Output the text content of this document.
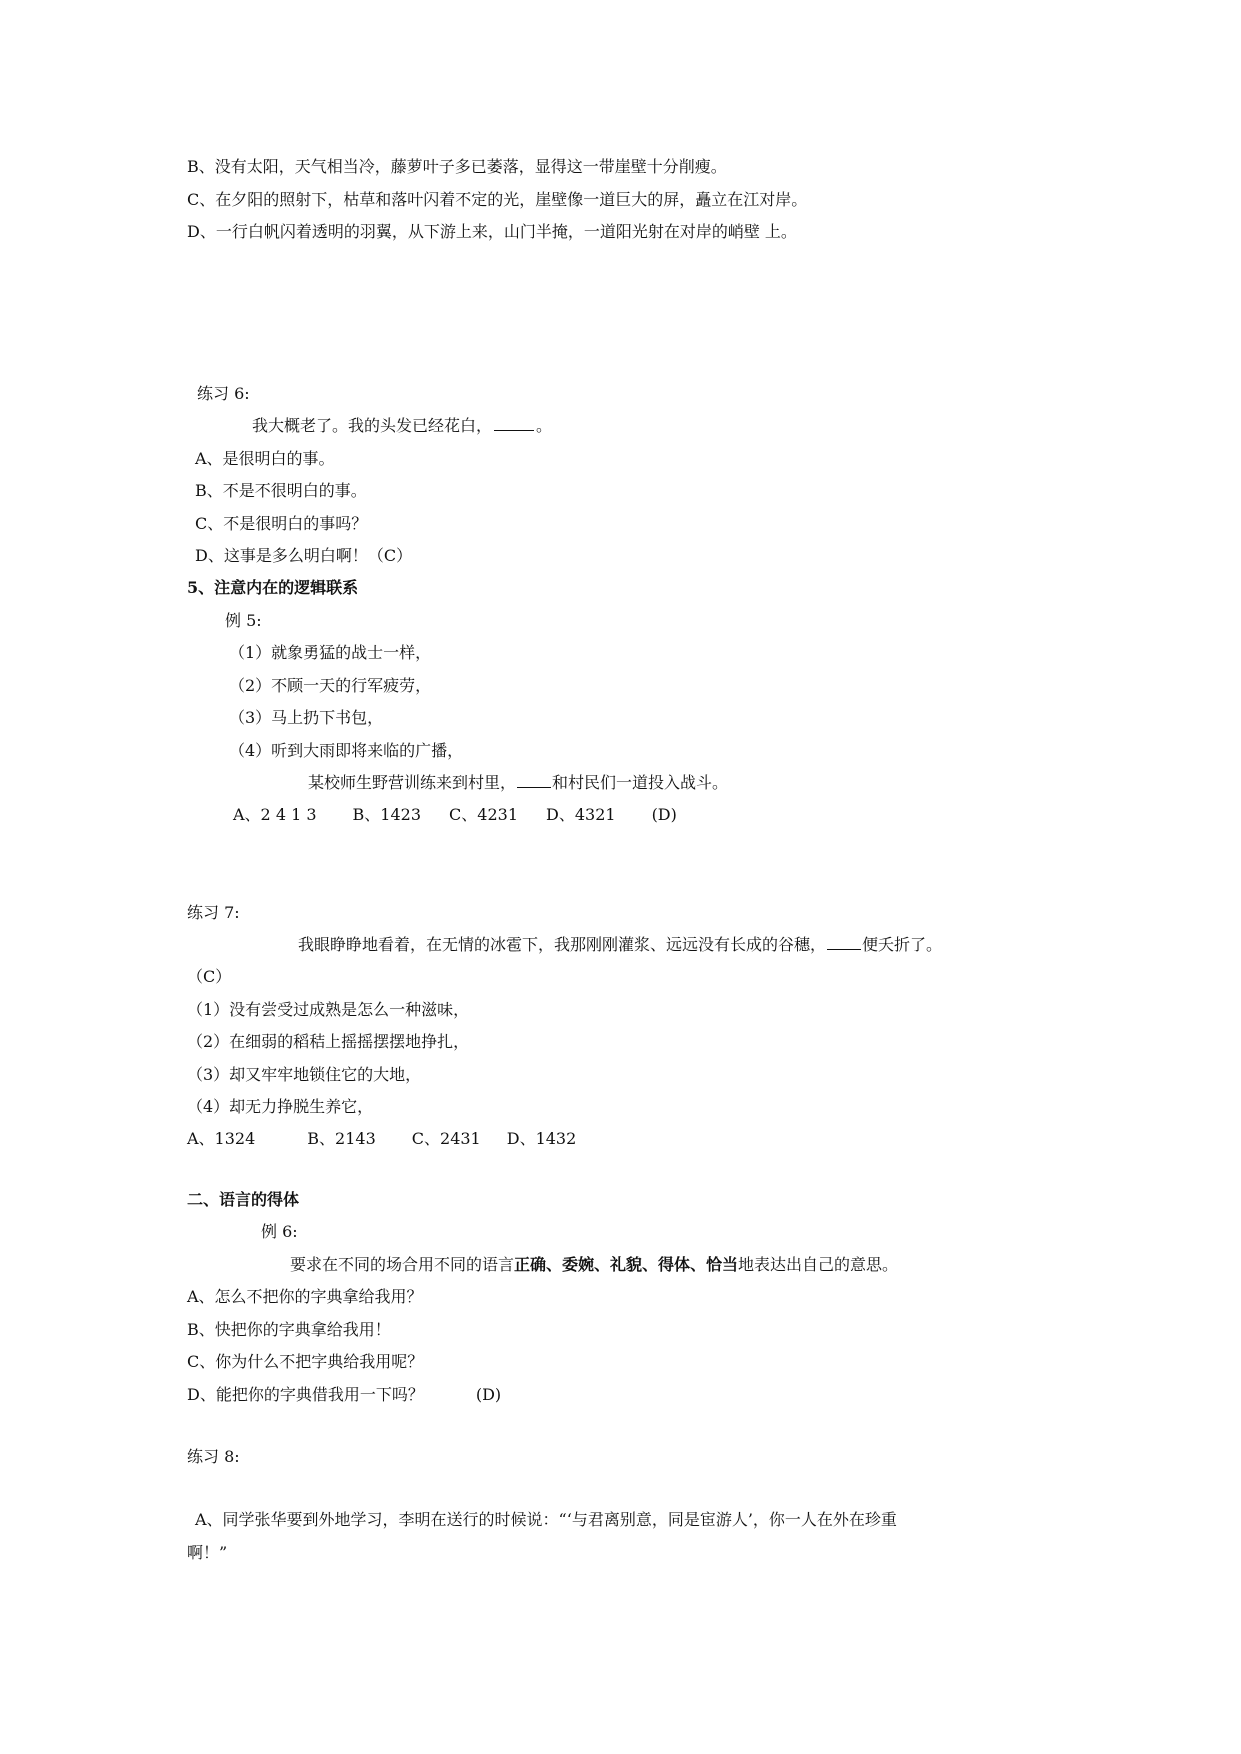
B、没有太阳，天气相当冷，藤萝叶子多已萎落，显得这一带崖壁十分削瘦。
C、在夕阳的照射下，枯草和落叶闪着不定的光，崖壁像一道巨大的屏，矗立在江对岸。
D、一行白帆闪着透明的羽翼，从下游上来，山门半掩，一道阳光射在对岸的峭壁 上。
练习 6:
我大概老了。我的头发已经花白，	。
A、是很明白的事。
B、不是不很明白的事。
C、不是很明白的事吗？
D、这事是多么明白啊！（C）
5、注意内在的逻辑联系
例 5:
（1）就象勇猛的战士一样，
（2）不顾一天的行军疲劳，
（3）马上扔下书包，
（4）听到大雨即将来临的广播，
某校师生野营训练来到村里， 和村民们一道投入战斗。
A、2 4 1 3 B、1423 C、4231 D、4321 (D)
练习 7:
我眼睁睁地看着，在无情的冰雹下，我那刚刚灌浆、远远没有长成的谷穗， 便夭折了。
（C）
（1）没有尝受过成熟是怎么一种滋味，
（2）在细弱的稻秸上摇摇摆摆地挣扎，
（3）却又牢牢地锁住它的大地，
（4）却无力挣脱生养它，
A、1324	B、2143 C、2431 D、1432
二、语言的得体
例 6:
要求在不同的场合用不同的语言正确、委婉、礼貌、得体、恰当地表达出自己的意思。
A、怎么不把你的字典拿给我用？
B、快把你的字典拿给我用！
C、你为什么不把字典给我用呢？
D、能把你的字典借我用一下吗？	(D)
练习 8:
A、同学张华要到外地学习，李明在送行的时候说：“‘与君离别意，同是宦游人’，你一人在外在珍重
啊！”
